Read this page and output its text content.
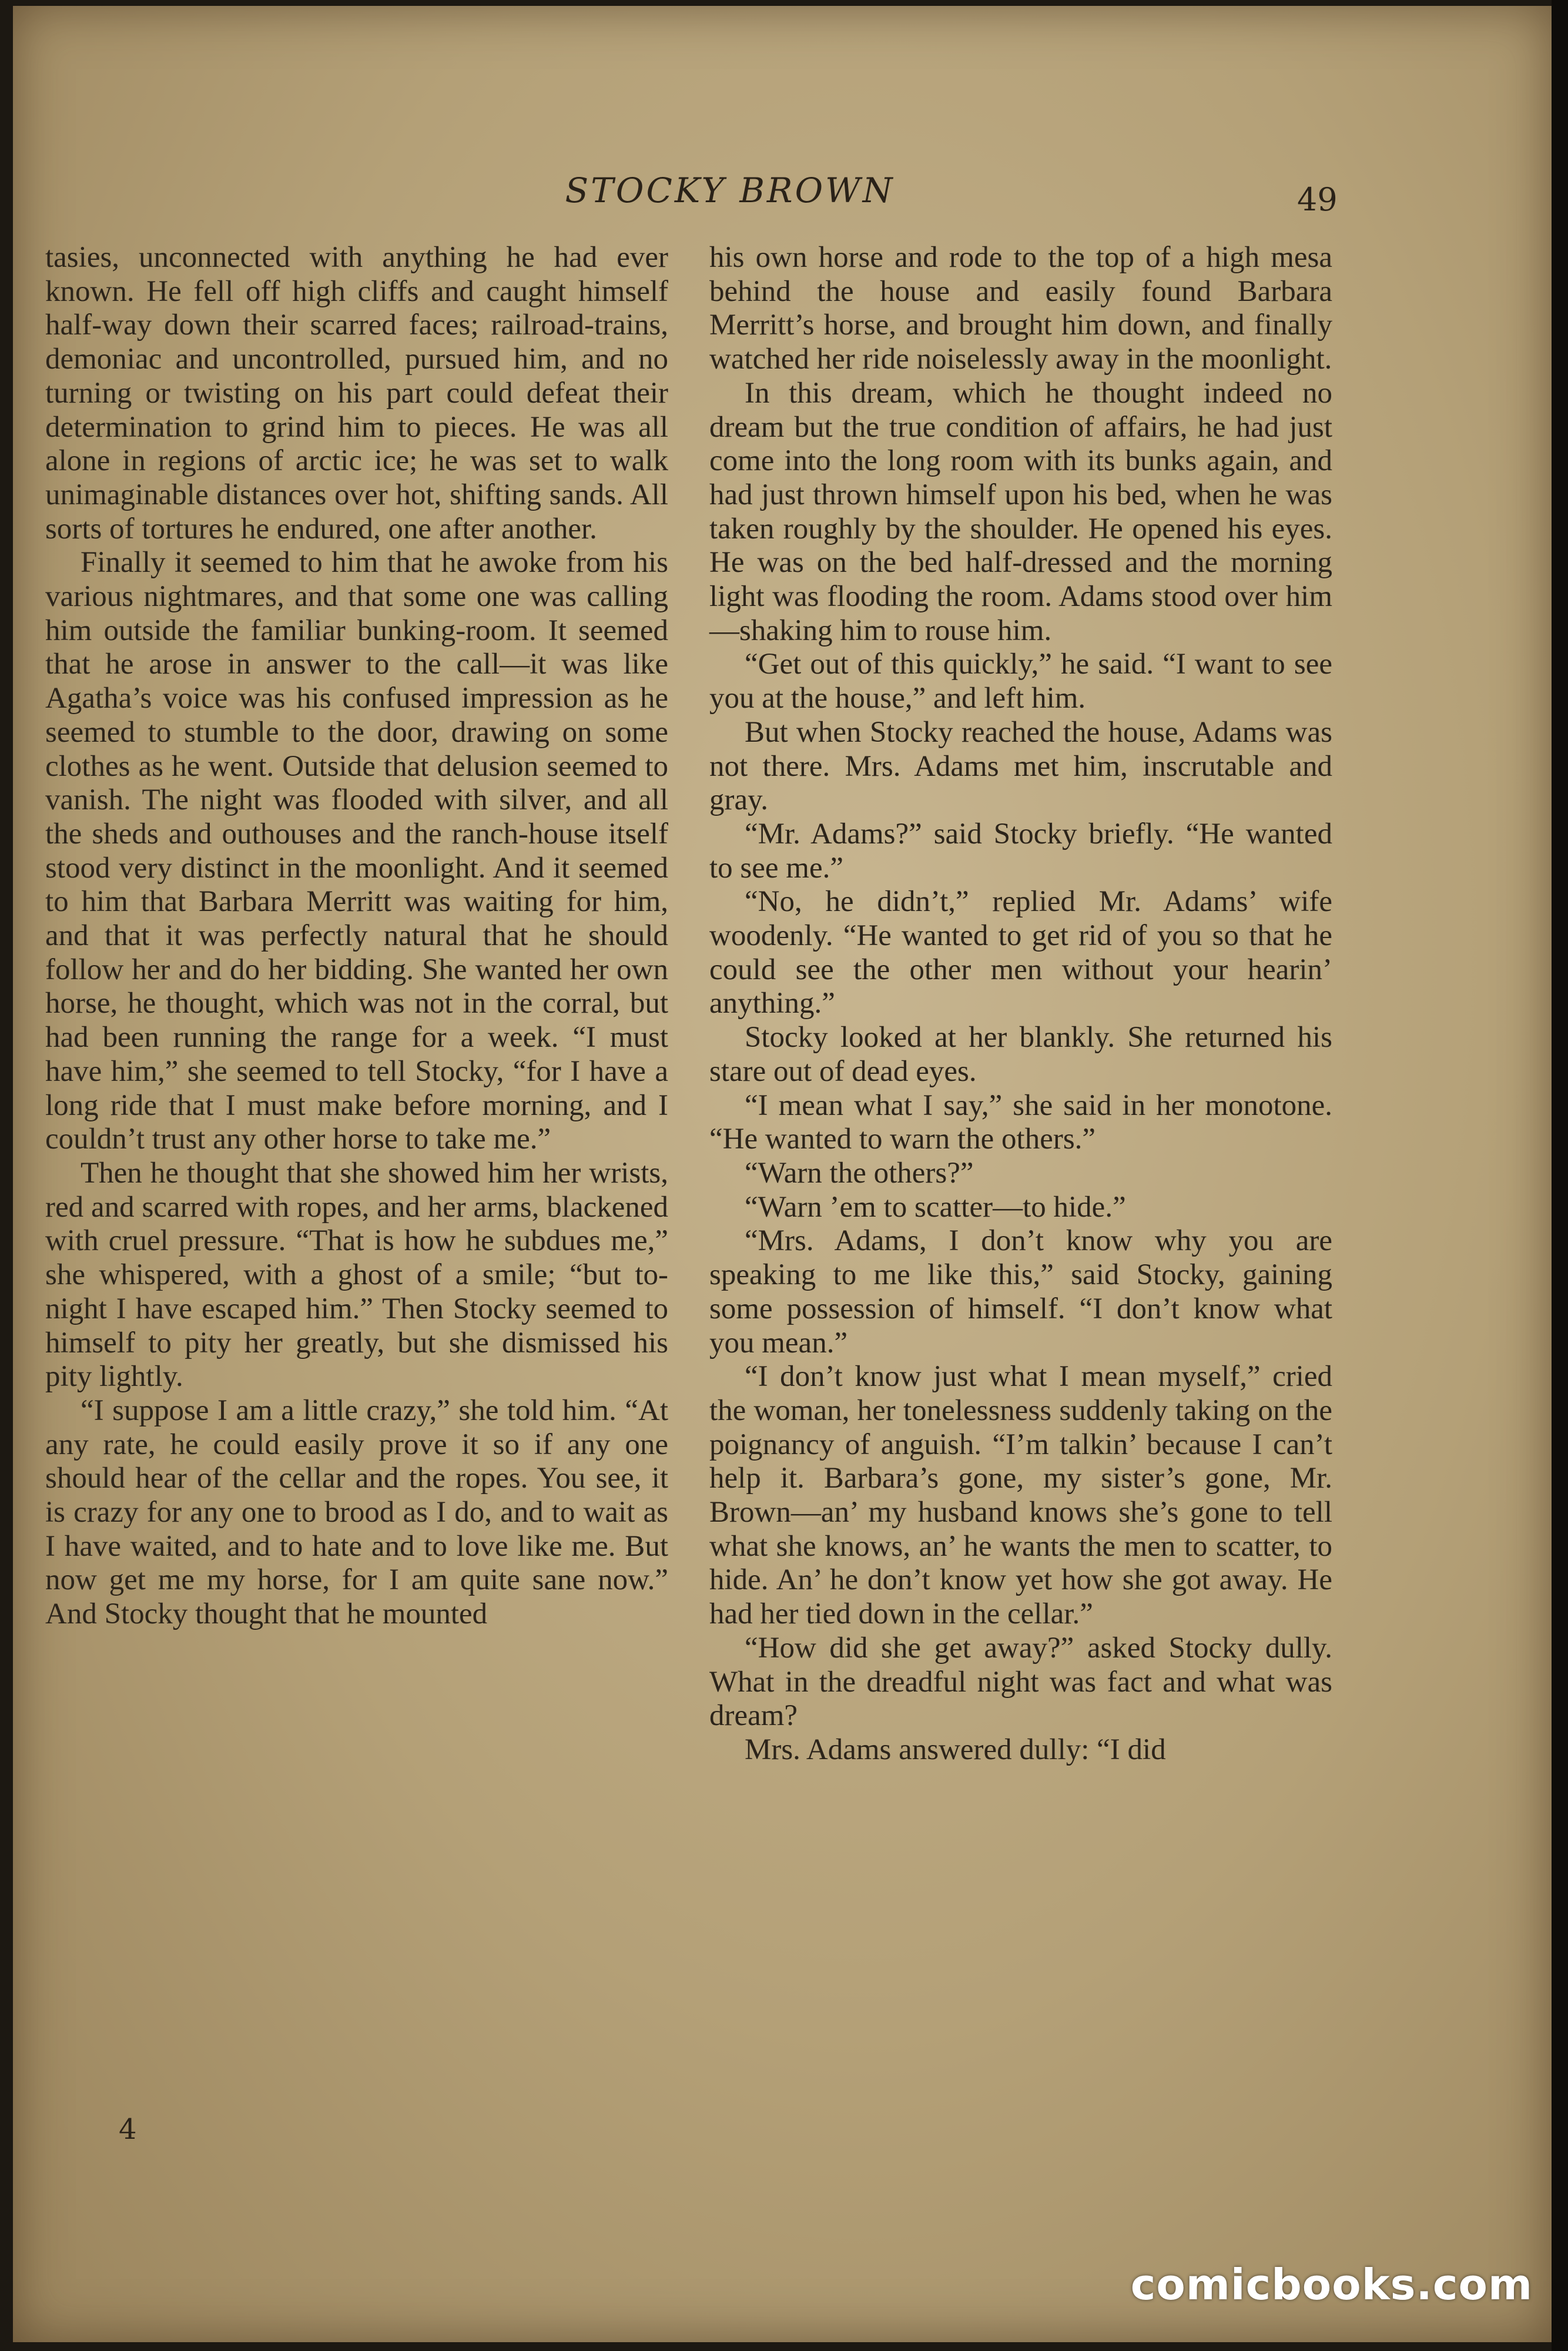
STOCKY BROWN	49

tasies, unconnected with anything he had ever known. He fell off high cliffs and caught himself half-way down their scarred faces; railroad-trains, demoniac and uncontrolled, pursued him, and no turning or twisting on his part could defeat their determination to grind him to pieces. He was all alone in regions of arctic ice; he was set to walk unimaginable distances over hot, shifting sands. All sorts of tortures he endured, one after another.

Finally it seemed to him that he awoke from his various nightmares, and that some one was calling him outside the familiar bunking-room. It seemed that he arose in answer to the call—it was like Agatha’s voice was his confused impression as he seemed to stumble to the door, drawing on some clothes as he went. Outside that delusion seemed to vanish. The night was flooded with silver, and all the sheds and outhouses and the ranch-house itself stood very distinct in the moonlight. And it seemed to him that Barbara Merritt was waiting for him, and that it was perfectly natural that he should follow her and do her bidding. She wanted her own horse, he thought, which was not in the corral, but had been running the range for a week. “I must have him,” she seemed to tell Stocky, “for I have a long ride that I must make before morning, and I couldn’t trust any other horse to take me.”

Then he thought that she showed him her wrists, red and scarred with ropes, and her arms, blackened with cruel pressure. “That is how he subdues me,” she whispered, with a ghost of a smile; “but to-night I have escaped him.” Then Stocky seemed to himself to pity her greatly, but she dismissed his pity lightly.

“I suppose I am a little crazy,” she told him. “At any rate, he could easily prove it so if any one should hear of the cellar and the ropes. You see, it is crazy for any one to brood as I do, and to wait as I have waited, and to hate and to love like me. But now get me my horse, for I am quite sane now.” And Stocky thought that he mounted

his own horse and rode to the top of a high mesa behind the house and easily found Barbara Merritt’s horse, and brought him down, and finally watched her ride noiselessly away in the moonlight.

In this dream, which he thought indeed no dream but the true condition of affairs, he had just come into the long room with its bunks again, and had just thrown himself upon his bed, when he was taken roughly by the shoulder. He opened his eyes. He was on the bed half-dressed and the morning light was flooding the room. Adams stood over him—shaking him to rouse him.

“Get out of this quickly,” he said. “I want to see you at the house,” and left him.

But when Stocky reached the house, Adams was not there. Mrs. Adams met him, inscrutable and gray.

“Mr. Adams?” said Stocky briefly. “He wanted to see me.”

“No, he didn’t,” replied Mr. Adams’ wife woodenly. “He wanted to get rid of you so that he could see the other men without your hearin’ anything.”

Stocky looked at her blankly. She returned his stare out of dead eyes.

“I mean what I say,” she said in her monotone. “He wanted to warn the others.”

“Warn the others?”

“Warn ’em to scatter—to hide.”

“Mrs. Adams, I don’t know why you are speaking to me like this,” said Stocky, gaining some possession of himself. “I don’t know what you mean.”

“I don’t know just what I mean myself,” cried the woman, her tonelessness suddenly taking on the poignancy of anguish. “I’m talkin’ because I can’t help it. Barbara’s gone, my sister’s gone, Mr. Brown—an’ my husband knows she’s gone to tell what she knows, an’ he wants the men to scatter, to hide. An’ he don’t know yet how she got away. He had her tied down in the cellar.”

“How did she get away?” asked Stocky dully. What in the dreadful night was fact and what was dream?

Mrs. Adams answered dully: “I did

4
comicbooks.com
